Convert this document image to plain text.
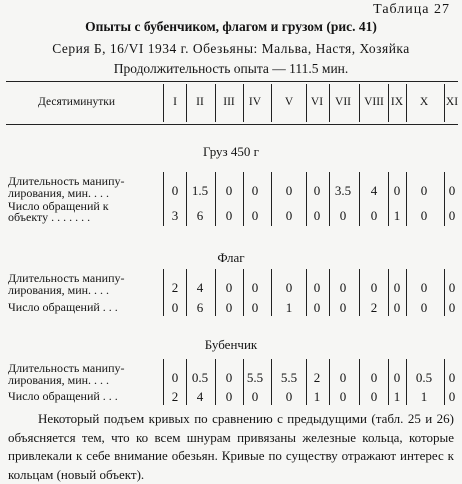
Таблица 27
Опыты с бубенчиком, флагом и грузом (рис. 41)
Серия Б, 16/VI 1934 г. Обезьяны: Мальва, Настя, Хозяйка
Продолжительность опыта — 111.5 мин.
Десятиминутки	I	II	III	IV	V	VI	VII	VIII IX	X	XI
Груз 450 г
Длительность манипу-
лирования, мин. . . .	0	1.5	0	0	0	0	3.5	4	0	0	0
Число обращений к
объекту . . . . . . .	3	6	0	0	0	0	0	0	1	0	0
Флаг
Длительность манипу-
лирования, мин. . . .	2	4	0	0	0	0	0	0	0	0	0
Число обращений . . .	0	6	0	0	1	0	0	2	0	0	0
Бубенчик
Длительность манипу-
лирования, мин. . . .	0	0.5	0	5.5	5.5	2	0	0	0	0.5	0
Число обращений . . .	2	4	0	0	0	1	0	0	1	1	0
Некоторый подъем кривых по сравнению с предыдущими (табл. 25 и 26) объясняется тем, что ко всем шнурам привязаны железные кольца, которые привлекали к себе внимание обезьян. Кривые по существу отражают интерес к кольцам (новый объект).
